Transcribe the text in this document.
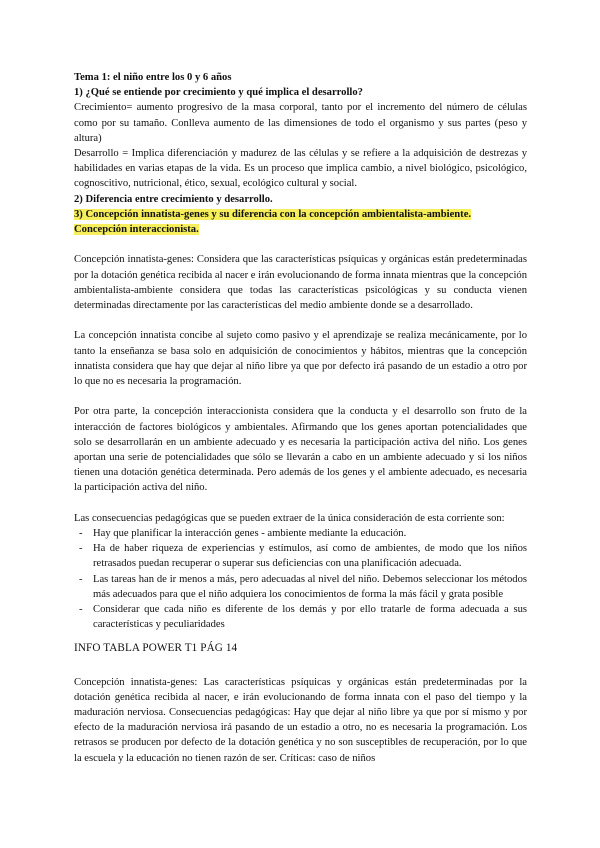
Tema 1: el niño entre los 0 y 6 años

1) ¿Qué se entiende por crecimiento y qué implica el desarrollo?

Crecimiento= aumento progresivo de la masa corporal, tanto por el incremento del número de células como por su tamaño. Conlleva aumento de las dimensiones de todo el organismo y sus partes (peso y altura)

Desarrollo = Implica diferenciación y madurez de las células y se refiere a la adquisición de destrezas y habilidades en varias etapas de la vida. Es un proceso que implica cambio, a nivel biológico, psicológico, cognoscitivo, nutricional, ético, sexual, ecológico cultural y social.

2) Diferencia entre crecimiento y desarrollo.

3) Concepción innatista-genes y su diferencia con la concepción ambientalista-ambiente.
Concepción interaccionista.

Concepción innatista-genes: Considera que las características psíquicas y orgánicas están predeterminadas por la dotación genética recibida al nacer e irán evolucionando de forma innata mientras que la concepción ambientalista-ambiente considera que todas las características psicológicas y su conducta vienen determinadas directamente por las características del medio ambiente donde se a desarrollado.

La concepción innatista concibe al sujeto como pasivo y el aprendizaje se realiza mecánicamente, por lo tanto la enseñanza se basa solo en adquisición de conocimientos y hábitos, mientras que la concepción innatista considera que hay que dejar al niño libre ya que por defecto irá pasando de un estadio a otro por lo que no es necesaria la programación.

Por otra parte, la concepción interaccionista considera que la conducta y el desarrollo son fruto de la interacción de factores biológicos y ambientales. Afirmando que los genes aportan potencialidades que solo se desarrollarán en un ambiente adecuado y es necesaria la participación activa del niño. Los genes aportan una serie de potencialidades que sólo se llevarán a cabo en un ambiente adecuado y si los niños tienen una dotación genética determinada. Pero además de los genes y el ambiente adecuado, es necesaria la participación activa del niño.

Las consecuencias pedagógicas que se pueden extraer de la única consideración de esta corriente son:

- Hay que planificar la interacción genes - ambiente mediante la educación.
- Ha de haber riqueza de experiencias y estímulos, así como de ambientes, de modo que los niños retrasados puedan recuperar o superar sus deficiencias con una planificación adecuada.
- Las tareas han de ir menos a más, pero adecuadas al nivel del niño. Debemos seleccionar los métodos más adecuados para que el niño adquiera los conocimientos de forma la más fácil y grata posible
- Considerar que cada niño es diferente de los demás y por ello tratarle de forma adecuada a sus características y peculiaridades

INFO TABLA POWER T1 PÁG 14

Concepción innatista-genes: Las características psíquicas y orgánicas están predeterminadas por la dotación genética recibida al nacer, e irán evolucionando de forma innata con el paso del tiempo y la maduración nerviosa. Consecuencias pedagógicas: Hay que dejar al niño libre ya que por sí mismo y por efecto de la maduración nerviosa irá pasando de un estadio a otro, no es necesaria la programación. Los retrasos se producen por defecto de la dotación genética y no son susceptibles de recuperación, por lo que la escuela y la educación no tienen razón de ser. Críticas: caso de niños
